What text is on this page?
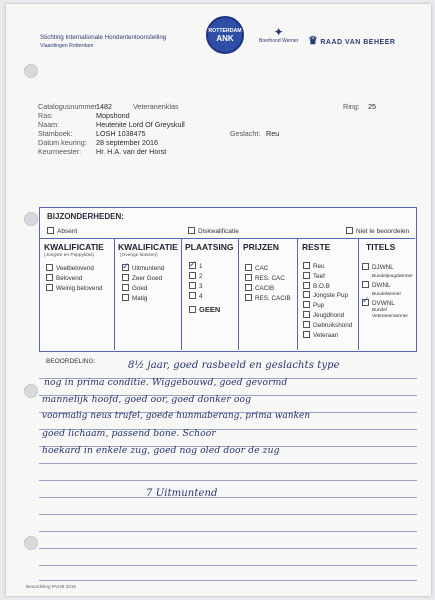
Stichting Internationale Hondententoonstelling
Vlaardingen Rotterdam
ROTTERDAM
ANK	✦
Boerhond Werner ♛ RAAD VAN BEHEER
Catalogusnummer:
1482	Veteranenklas	Ring: 25
Ras:	Mopshond
Naam:	Heutenite Lord Of Greyskull
Stamboek:	LOSH 1038475	Geslacht: Reu
Datum keuring: 28 september 2016
Keurmeester: Hr. H.A. van der Horst
BIJZONDERHEDEN:
Absent	Diskwalificatie	Niet te beoordelen
KWALIFICATIE
(Jongste en Puppyklas)
Veelbelovend
Belovend
Weinig belovend
KWALIFICATIE
(Overige klassen)
✓Uitmuntend
Zeer Goed
Goed
Matig
PLAATSING
✓1
2
3
4
GEEN
PRIJZEN
CAC
RES. CAC
CACIB
RES. CACIB
RESTE
Reu
Teef
B.O.B
Jongste Pup
Pup
Jeugdhond
Gebruikshond
Veteraan
TITELS
DJWNL
Bundeljeugdwinner
DWNL
Bundelwinner
✓DVWNL
Bundel Veteranenwinner
BEOORDELING:	8½ jaar, goed rasbeeld en geslachts type
nog in prima conditie. Wiggebouwd, goed gevormd
mannelijk hoofd, goed oor, goed donker oog
voormalig neus trufel, goede hunmaberang, prima wanken
goed lichaam, passend bone. Schoor
hoekard in enkele zug, goed nog oled door de zug
7 Uitmuntend
Beoordeling RVHB 2016
